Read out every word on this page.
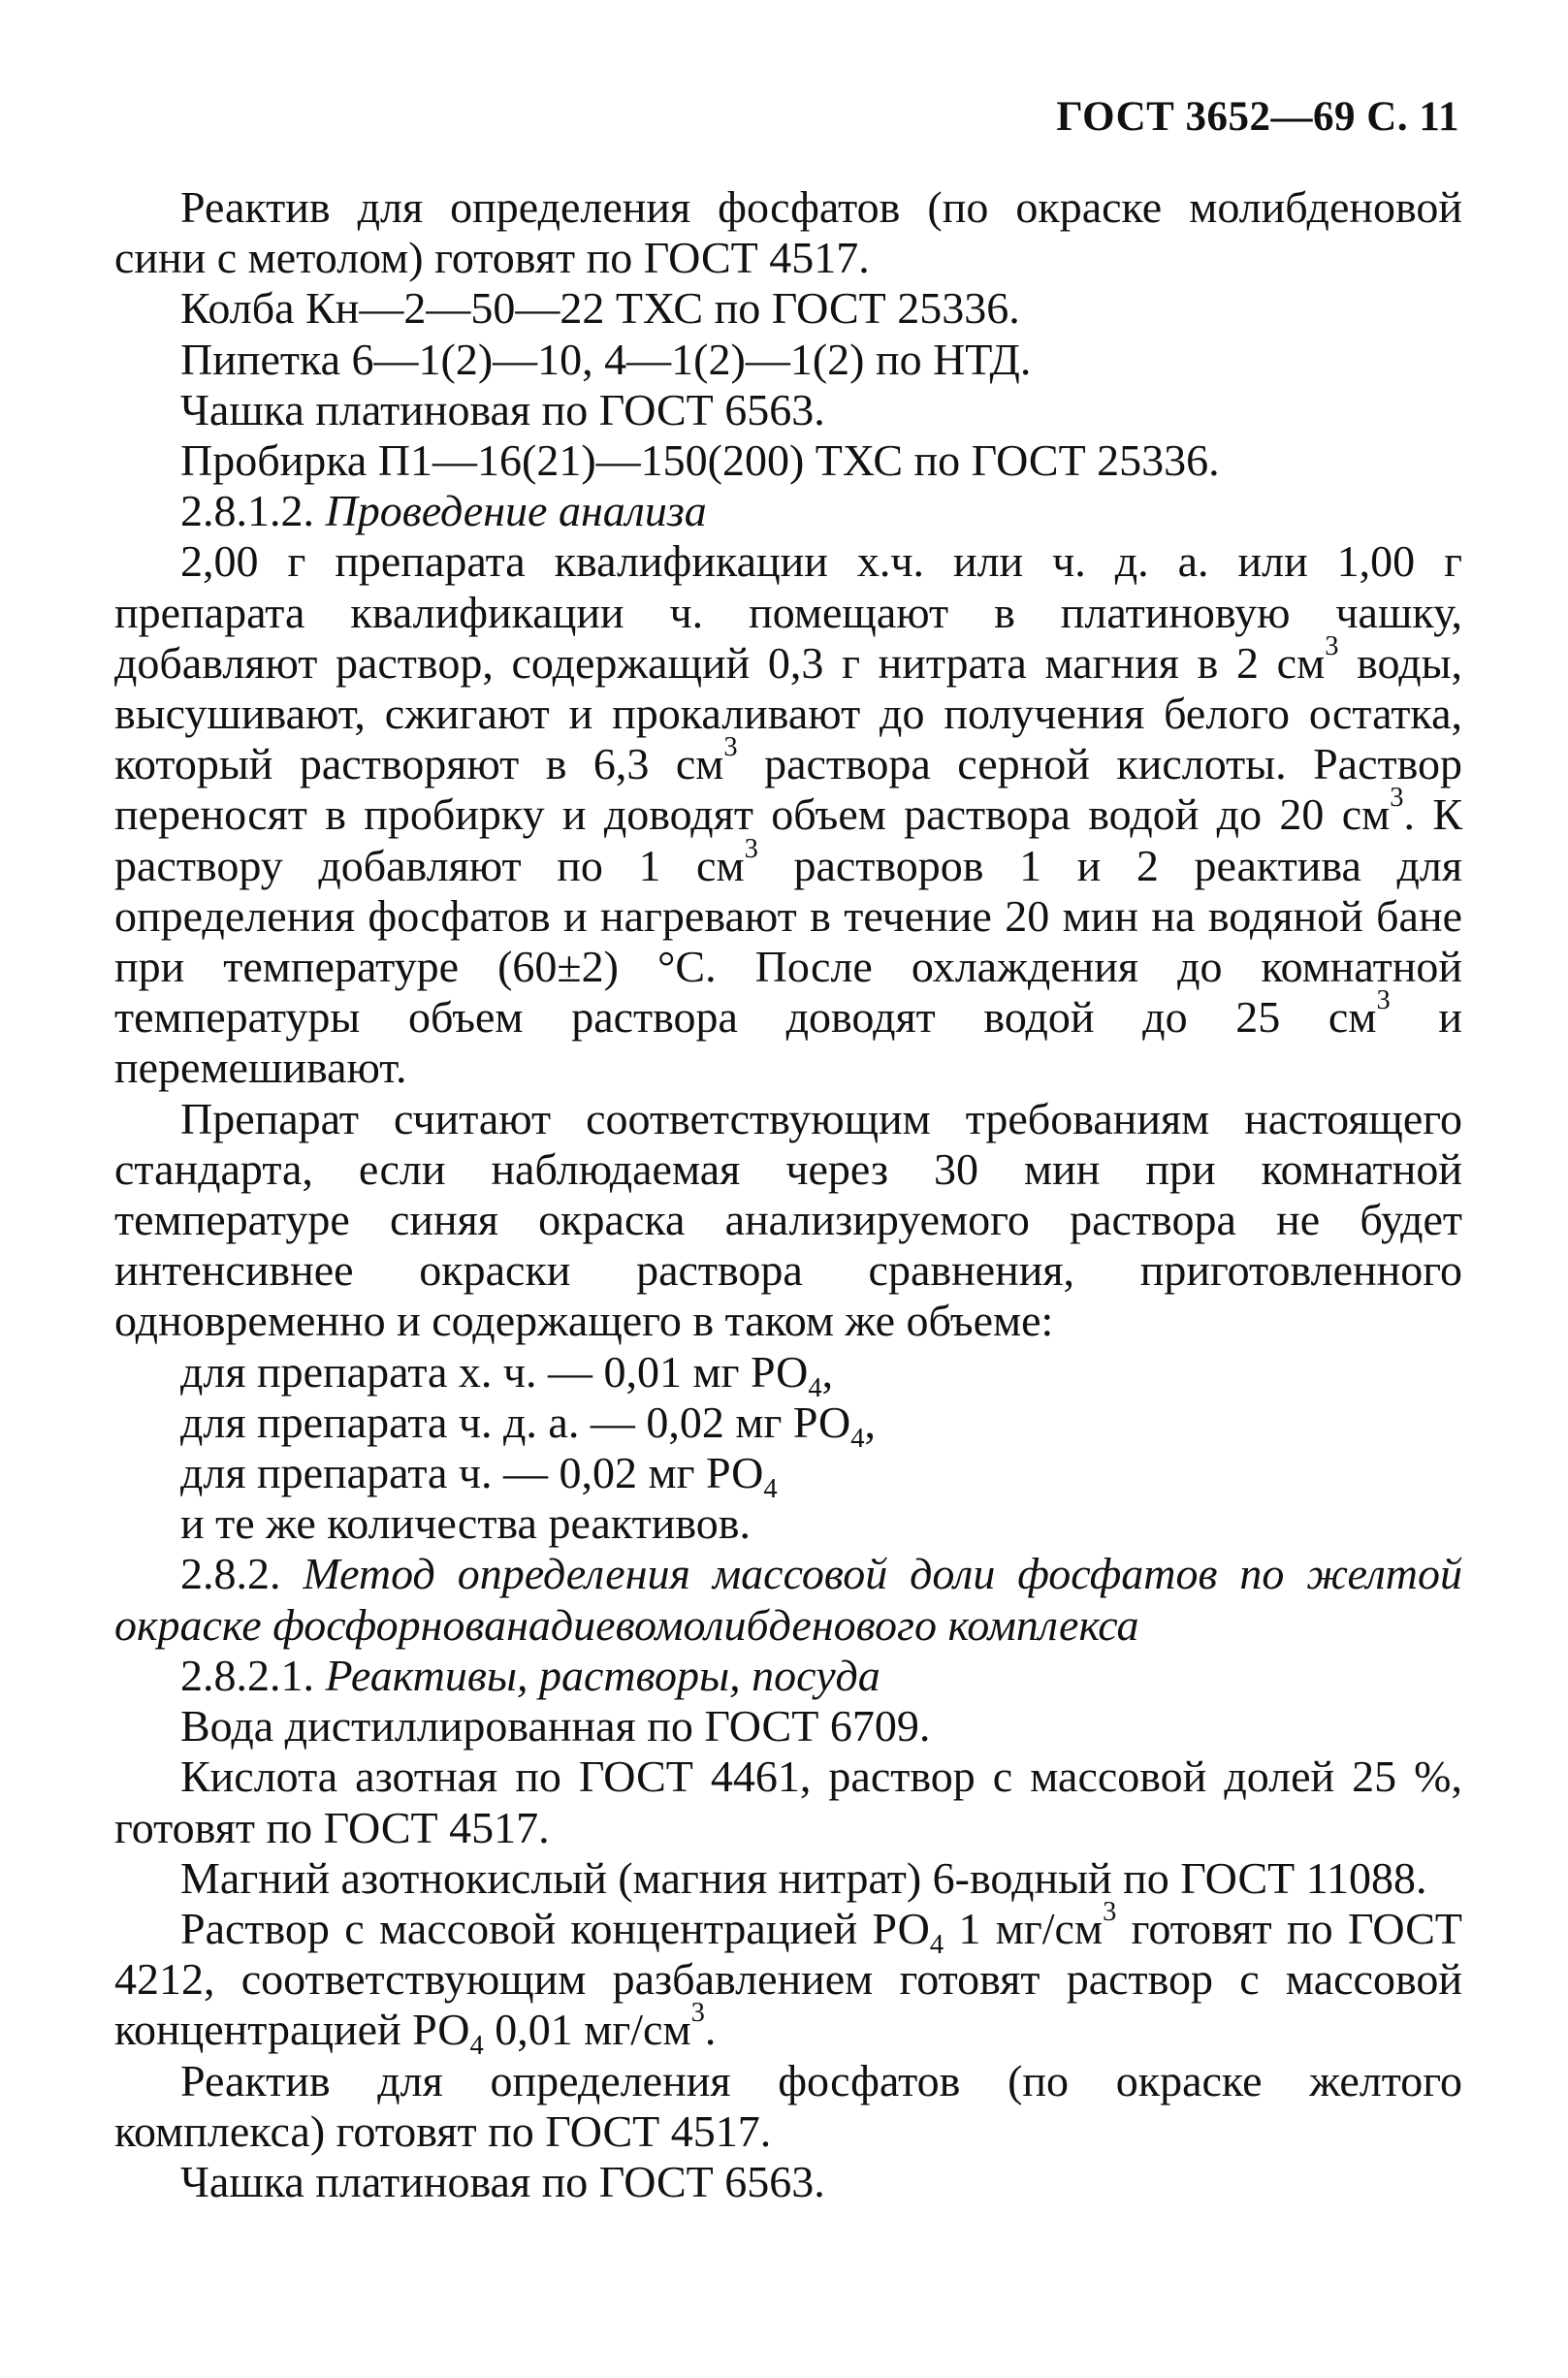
ГОСТ 3652—69 С. 11

Реактив для определения фосфатов (по окраске молибденовой сини с метолом) готовят по ГОСТ 4517.

Колба Кн—2—50—22 ТХС по ГОСТ 25336.

Пипетка 6—1(2)—10, 4—1(2)—1(2) по НТД.

Чашка платиновая по ГОСТ 6563.

Пробирка П1—16(21)—150(200) ТХС по ГОСТ 25336.

2.8.1.2. Проведение анализа

2,00 г препарата квалификации х.ч. или ч. д. а. или 1,00 г препарата квалификации ч. помещают в платиновую чашку, добавляют раствор, содержащий 0,3 г нитрата магния в 2 $см^3$ воды, высушивают, сжигают и прокаливают до получения белого остатка, который растворяют в 6,3 $см^3$ раствора серной кислоты. Раствор переносят в пробирку и доводят объем раствора водой до 20 $см^3$. К раствору добавляют по 1 $см^3$ растворов 1 и 2 реактива для определения фосфатов и нагревают в течение 20 мин на водяной бане при температуре (60±2) °С. После охлаждения до комнатной температуры объем раствора доводят водой до 25 $см^3$ и перемешивают.

Препарат считают соответствующим требованиям настоящего стандарта, если наблюдаемая через 30 мин при комнатной температуре синяя окраска анализируемого раствора не будет интенсивнее окраски раствора сравнения, приготовленного одновременно и содержащего в таком же объеме:

для препарата х. ч. — 0,01 мг $РО_4$,

для препарата ч. д. а. — 0,02 мг $РО_4$,

для препарата ч. — 0,02 мг $РО_4$

и те же количества реактивов.

2.8.2. Метод определения массовой доли фосфатов по желтой окраске фосфорнованадиевомолибденового комплекса

2.8.2.1. Реактивы, растворы, посуда

Вода дистиллированная по ГОСТ 6709.

Кислота азотная по ГОСТ 4461, раствор с массовой долей 25 %, готовят по ГОСТ 4517.

Магний азотнокислый (магния нитрат) 6-водный по ГОСТ 11088.

Раствор с массовой концентрацией $РО_4$ 1 $мг/см^3$ готовят по ГОСТ 4212, соответствующим разбавлением готовят раствор с массовой концентрацией $РО_4$ 0,01 $мг/см^3$.

Реактив для определения фосфатов (по окраске желтого комплекса) готовят по ГОСТ 4517.

Чашка платиновая по ГОСТ 6563.
